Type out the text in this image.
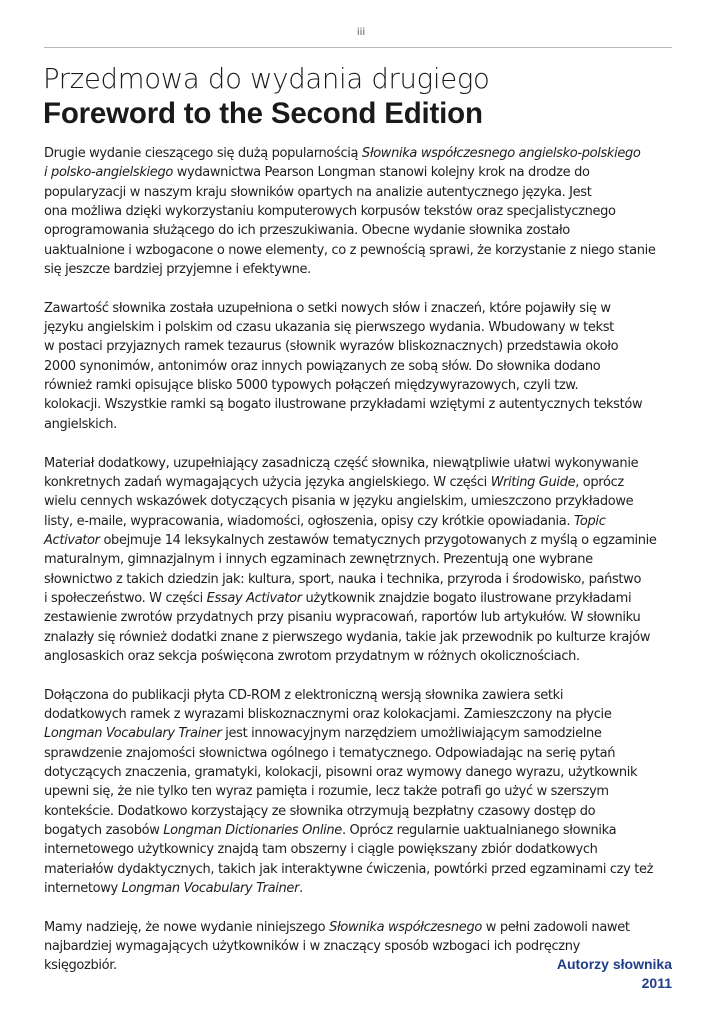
iii
Przedmowa do wydania drugiego
Foreword to the Second Edition

Drugie wydanie cieszącego się dużą popularnością Słownika współczesnego angielsko-polskiego
i polsko-angielskiego wydawnictwa Pearson Longman stanowi kolejny krok na drodze do
popularyzacji w naszym kraju słowników opartych na analizie autentycznego języka. Jest
ona możliwa dzięki wykorzystaniu komputerowych korpusów tekstów oraz specjalistycznego
oprogramowania służącego do ich przeszukiwania. Obecne wydanie słownika zostało
uaktualnione i wzbogacone o nowe elementy, co z pewnością sprawi, że korzystanie z niego stanie
się jeszcze bardziej przyjemne i efektywne.

Zawartość słownika została uzupełniona o setki nowych słów i znaczeń, które pojawiły się w
języku angielskim i polskim od czasu ukazania się pierwszego wydania. Wbudowany w tekst
w postaci przyjaznych ramek tezaurus (słownik wyrazów bliskoznacznych) przedstawia około
2000 synonimów, antonimów oraz innych powiązanych ze sobą słów. Do słownika dodano
również ramki opisujące blisko 5000 typowych połączeń międzywyrazowych, czyli tzw.
kolokacji. Wszystkie ramki są bogato ilustrowane przykładami wziętymi z autentycznych tekstów
angielskich.

Materiał dodatkowy, uzupełniający zasadniczą część słownika, niewątpliwie ułatwi wykonywanie
konkretnych zadań wymagających użycia języka angielskiego. W części Writing Guide, oprócz
wielu cennych wskazówek dotyczących pisania w języku angielskim, umieszczono przykładowe
listy, e-maile, wypracowania, wiadomości, ogłoszenia, opisy czy krótkie opowiadania. Topic
Activator obejmuje 14 leksykalnych zestawów tematycznych przygotowanych z myślą o egzaminie
maturalnym, gimnazjalnym i innych egzaminach zewnętrznych. Prezentują one wybrane
słownictwo z takich dziedzin jak: kultura, sport, nauka i technika, przyroda i środowisko, państwo
i społeczeństwo. W części Essay Activator użytkownik znajdzie bogato ilustrowane przykładami
zestawienie zwrotów przydatnych przy pisaniu wypracowań, raportów lub artykułów. W słowniku
znalazły się również dodatki znane z pierwszego wydania, takie jak przewodnik po kulturze krajów
anglosaskich oraz sekcja poświęcona zwrotom przydatnym w różnych okolicznościach.

Dołączona do publikacji płyta CD-ROM z elektroniczną wersją słownika zawiera setki
dodatkowych ramek z wyrazami bliskoznacznymi oraz kolokacjami. Zamieszczony na płycie
Longman Vocabulary Trainer jest innowacyjnym narzędziem umożliwiającym samodzielne
sprawdzenie znajomości słownictwa ogólnego i tematycznego. Odpowiadając na serię pytań
dotyczących znaczenia, gramatyki, kolokacji, pisowni oraz wymowy danego wyrazu, użytkownik
upewni się, że nie tylko ten wyraz pamięta i rozumie, lecz także potrafi go użyć w szerszym
kontekście. Dodatkowo korzystający ze słownika otrzymują bezpłatny czasowy dostęp do
bogatych zasobów Longman Dictionaries Online. Oprócz regularnie uaktualnianego słownika
internetowego użytkownicy znajdą tam obszerny i ciągle powiększany zbiór dodatkowych
materiałów dydaktycznych, takich jak interaktywne ćwiczenia, powtórki przed egzaminami czy też
internetowy Longman Vocabulary Trainer.

Mamy nadzieję, że nowe wydanie niniejszego Słownika współczesnego w pełni zadowoli nawet
najbardziej wymagających użytkowników i w znaczący sposób wzbogaci ich podręczny
księgozbiór.	Autorzy słownika
2011
